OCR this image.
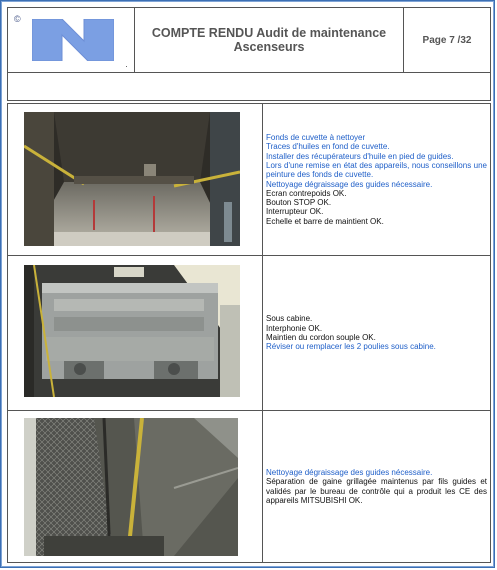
©
COMPTE RENDU Audit de maintenance
Ascenseurs	Page 7 /32
Fonds de cuvette à nettoyer
Traces d'huiles en fond de cuvette.
Installer des récupérateurs d'huile en pied de guides.
Lors d'une remise en état des appareils, nous conseillons une peinture des fonds de cuvette.
Nettoyage dégraissage des guides nécessaire.
Ecran contrepoids OK.
Bouton STOP OK.
Interrupteur OK.
Echelle et barre de maintient OK.
Sous cabine.
Interphonie OK.
Maintien du cordon souple OK.
Réviser ou remplacer les 2 poulies sous cabine.
Nettoyage dégraissage des guides nécessaire.
Séparation de gaine grillagée maintenus par fils guides et validés par le bureau de contrôle qui a produit les CE des appareils MITSUBISHI OK.
